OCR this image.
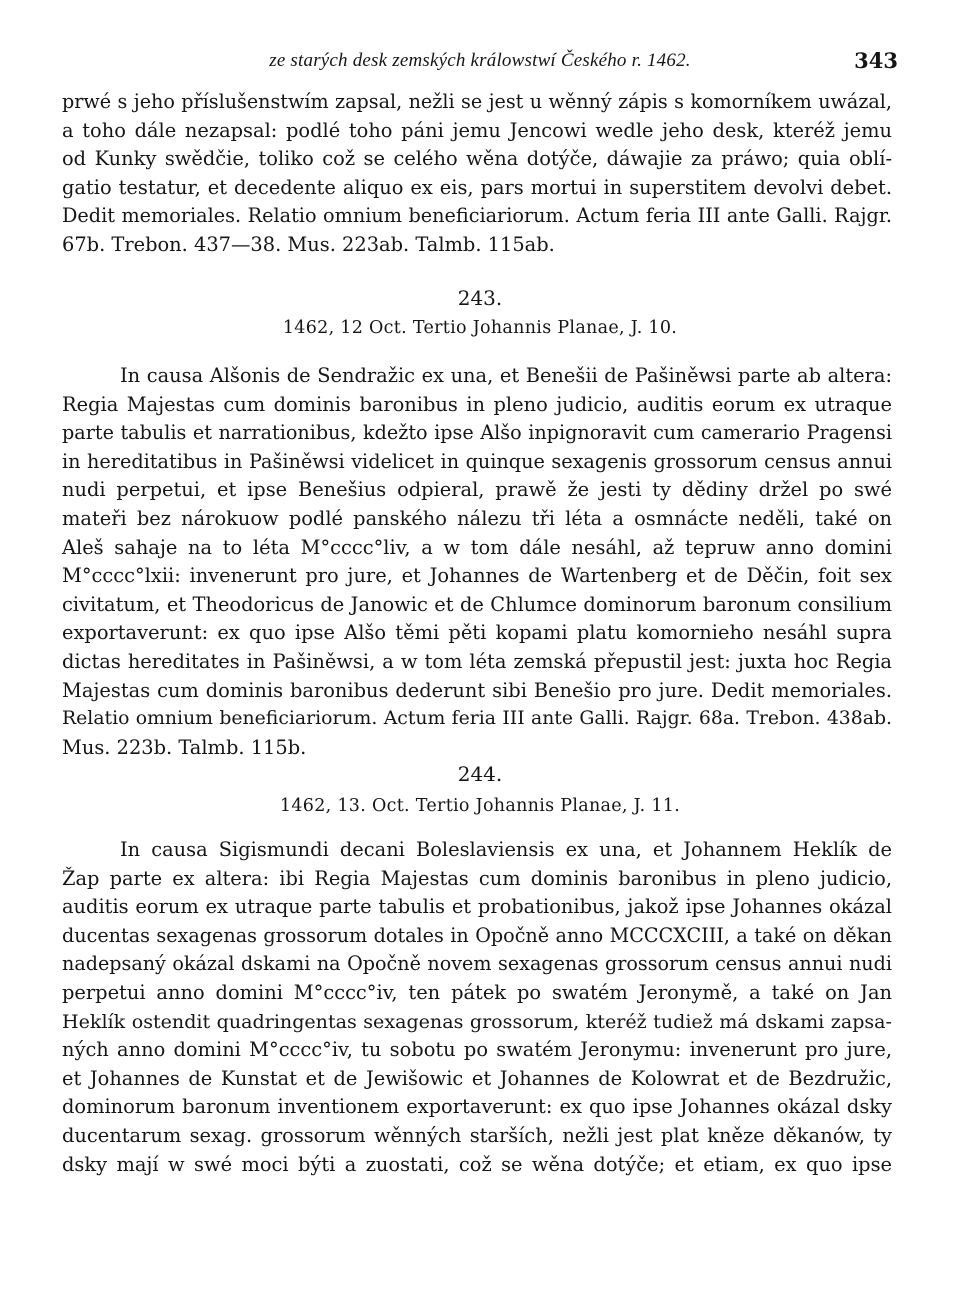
ze starých desk zemských králowstwí Českého r. 1462.	343
prwé s jeho příslušenstwím zapsal, nežli se jest u wěnný zápis s komorníkem uwázal,
a toho dále nezapsal: podlé toho páni jemu Jencowi wedle jeho desk, kteréž jemu
od Kunky swědčie, toliko což se celého wěna dotýče, dáwajie za práwo; quia oblí-
gatio testatur, et decedente aliquo ex eis, pars mortui in superstitem devolvi debet.
Dedit memoriales. Relatio omnium beneficiariorum. Actum feria III ante Galli. Rajgr.
67b. Trebon. 437—38. Mus. 223ab. Talmb. 115ab.
243.
1462, 12 Oct. Tertio Johannis Planae, J. 10.
In causa Alšonis de Sendražic ex una, et Benešii de Pašiněwsi parte ab altera:
Regia Majestas cum dominis baronibus in pleno judicio, auditis eorum ex utraque
parte tabulis et narrationibus, kdežto ipse Alšo inpignoravit cum camerario Pragensi
in hereditatibus in Pašiněwsi videlicet in quinque sexagenis grossorum census annui
nudi perpetui, et ipse Benešius odpieral, prawě že jesti ty dědiny držel po swé
mateři bez nárokuow podlé panského nálezu tři léta a osmnácte neděli, také on
Aleš sahaje na to léta M°cccc°liv, a w tom dále nesáhl, až tepruw anno domini
M°cccc°lxii: invenerunt pro jure, et Johannes de Wartenberg et de Děčin, foit sex
civitatum, et Theodoricus de Janowic et de Chlumce dominorum baronum consilium
exportaverunt: ex quo ipse Alšo těmi pěti kopami platu komornieho nesáhl supra
dictas hereditates in Pašiněwsi, a w tom léta zemská přepustil jest: juxta hoc Regia
Majestas cum dominis baronibus dederunt sibi Benešio pro jure. Dedit memoriales.
Relatio omnium beneficiariorum. Actum feria III ante Galli. Rajgr. 68a. Trebon. 438ab.
Mus. 223b. Talmb. 115b.
244.
1462, 13. Oct. Tertio Johannis Planae, J. 11.
In causa Sigismundi decani Boleslaviensis ex una, et Johannem Heklík de
Žap parte ex altera: ibi Regia Majestas cum dominis baronibus in pleno judicio,
auditis eorum ex utraque parte tabulis et probationibus, jakož ipse Johannes okázal
ducentas sexagenas grossorum dotales in Opočně anno MCCCXCIII, a také on děkan
nadepsaný okázal dskami na Opočně novem sexagenas grossorum census annui nudi
perpetui anno domini M°cccc°iv, ten pátek po swatém Jeronymě, a také on Jan
Heklík ostendit quadringentas sexagenas grossorum, kteréž tudiež má dskami zapsa-
ných anno domini M°cccc°iv, tu sobotu po swatém Jeronymu: invenerunt pro jure,
et Johannes de Kunstat et de Jewišowic et Johannes de Kolowrat et de Bezdružic,
dominorum baronum inventionem exportaverunt: ex quo ipse Johannes okázal dsky
ducentarum sexag. grossorum wěnných starších, nežli jest plat kněze děkanów, ty
dsky mají w swé moci býti a zuostati, což se wěna dotýče; et etiam, ex quo ipse
